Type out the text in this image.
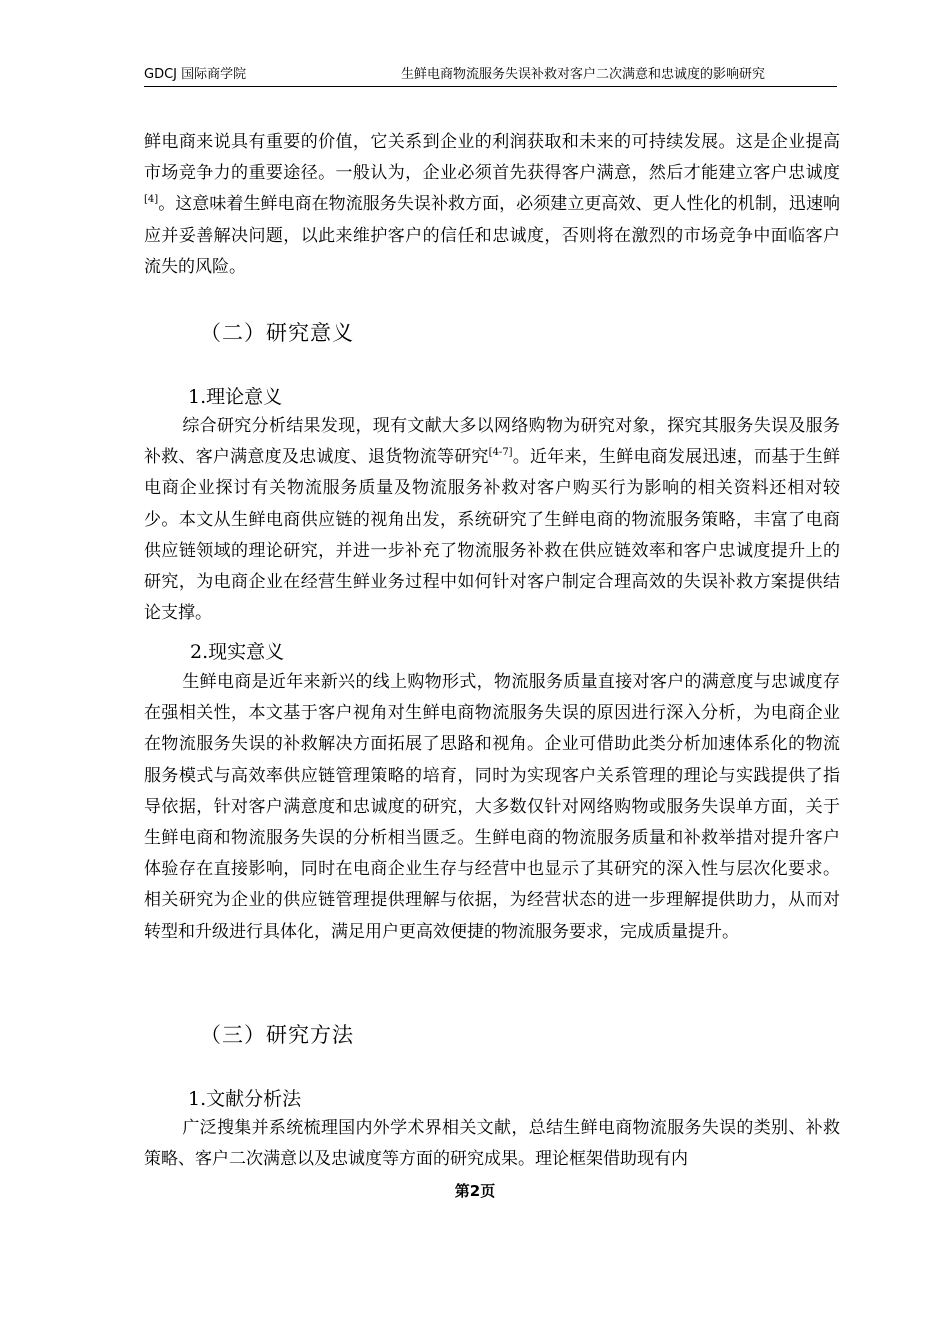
GDCJ 国际商学院	生鲜电商物流服务失误补救对客户二次满意和忠诚度的影响研究

鲜电商来说具有重要的价值，它关系到企业的利润获取和未来的可持续发展。这是企业提高市场竞争力的重要途径。一般认为，企业必须首先获得客户满意，然后才能建立客户忠诚度[4]。这意味着生鲜电商在物流服务失误补救方面，必须建立更高效、更人性化的机制，迅速响应并妥善解决问题，以此来维护客户的信任和忠诚度，否则将在激烈的市场竞争中面临客户流失的风险。

（二）研究意义
1.理论意义

综合研究分析结果发现，现有文献大多以网络购物为研究对象，探究其服务失误及服务补救、客户满意度及忠诚度、退货物流等研究[4-7]。近年来，生鲜电商发展迅速，而基于生鲜电商企业探讨有关物流服务质量及物流服务补救对客户购买行为影响的相关资料还相对较少。本文从生鲜电商供应链的视角出发，系统研究了生鲜电商的物流服务策略，丰富了电商供应链领域的理论研究，并进一步补充了物流服务补救在供应链效率和客户忠诚度提升上的研究，为电商企业在经营生鲜业务过程中如何针对客户制定合理高效的失误补救方案提供结论支撑。

2.现实意义

生鲜电商是近年来新兴的线上购物形式，物流服务质量直接对客户的满意度与忠诚度存在强相关性，本文基于客户视角对生鲜电商物流服务失误的原因进行深入分析，为电商企业在物流服务失误的补救解决方面拓展了思路和视角。企业可借助此类分析加速体系化的物流服务模式与高效率供应链管理策略的培育，同时为实现客户关系管理的理论与实践提供了指导依据，针对客户满意度和忠诚度的研究，大多数仅针对网络购物或服务失误单方面，关于生鲜电商和物流服务失误的分析相当匮乏。生鲜电商的物流服务质量和补救举措对提升客户体验存在直接影响，同时在电商企业生存与经营中也显示了其研究的深入性与层次化要求。相关研究为企业的供应链管理提供理解与依据，为经营状态的进一步理解提供助力，从而对转型和升级进行具体化，满足用户更高效便捷的物流服务要求，完成质量提升。

（三）研究方法
1.文献分析法

广泛搜集并系统梳理国内外学术界相关文献，总结生鲜电商物流服务失误的类别、补救策略、客户二次满意以及忠诚度等方面的研究成果。理论框架借助现有内

第2页
